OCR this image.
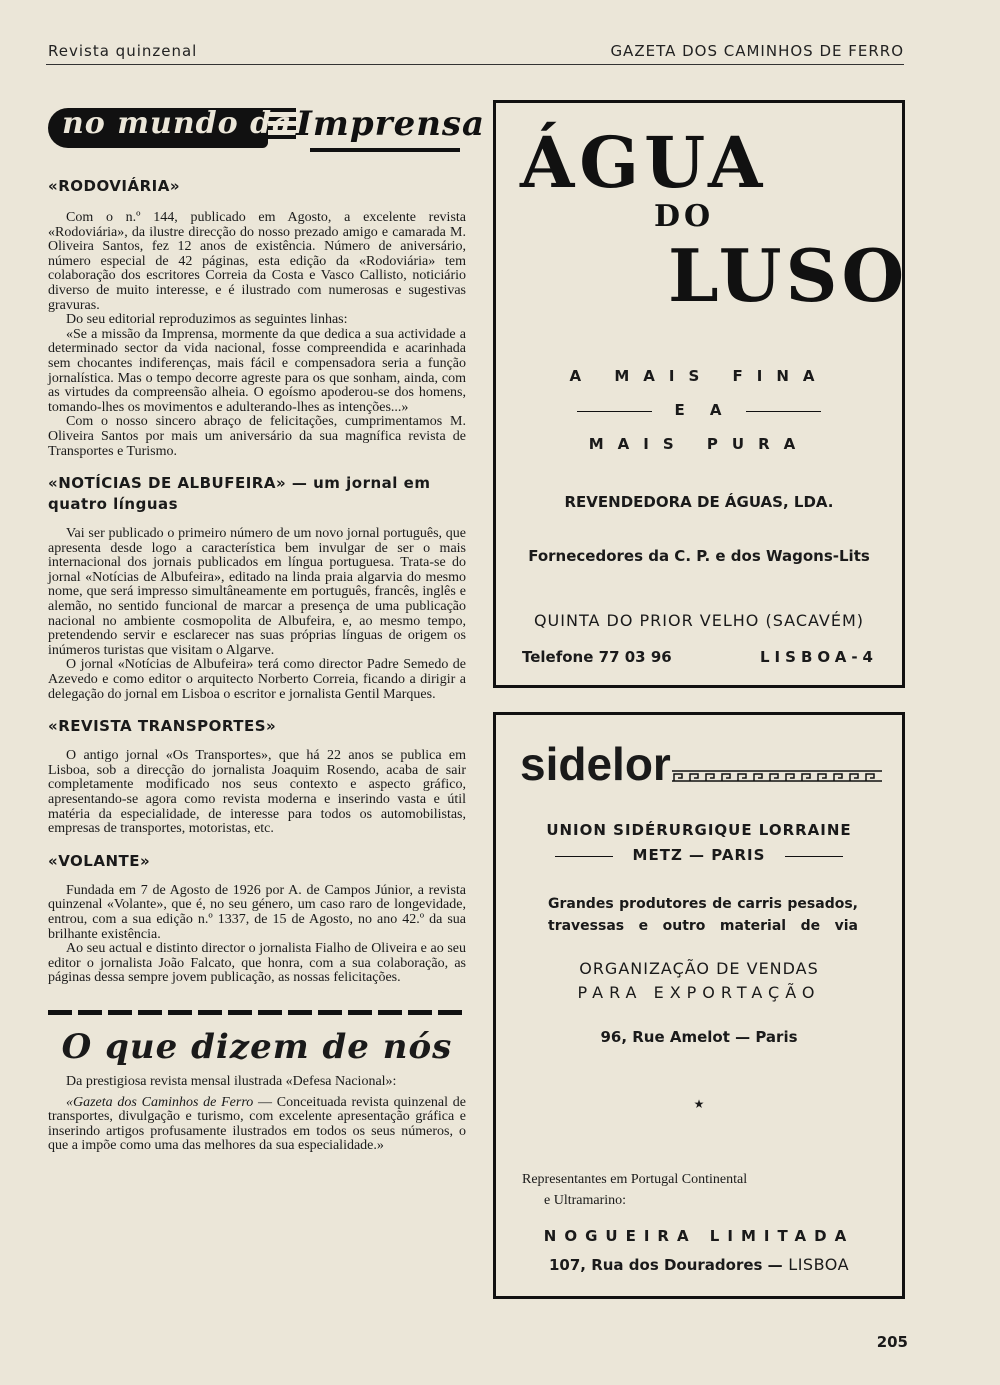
Revista quinzenal	GAZETA DOS CAMINHOS DE FERRO
no mundo da Imprensa
«RODOVIÁRIA»

Com o n.º 144, publicado em Agosto, a excelente revista «Rodoviária», da ilustre direcção do nosso prezado amigo e camarada M. Oliveira Santos, fez 12 anos de existência. Número de aniversário, número especial de 42 páginas, esta edição da «Rodoviária» tem colaboração dos escritores Correia da Costa e Vasco Callisto, noticiário diverso de muito interesse, e é ilustrado com numerosas e sugestivas gravuras.

Do seu editorial reproduzimos as seguintes linhas:

«Se a missão da Imprensa, mormente da que dedica a sua actividade a determinado sector da vida nacional, fosse compreendida e acarinhada sem chocantes indiferenças, mais fácil e compensadora seria a função jornalística. Mas o tempo decorre agreste para os que sonham, ainda, com as virtudes da compreensão alheia. O egoísmo apoderou-se dos homens, tomando-lhes os movimentos e adulterando-lhes as intenções...»

Com o nosso sincero abraço de felicitações, cumprimentamos M. Oliveira Santos por mais um aniversário da sua magnífica revista de Transportes e Turismo.

«NOTÍCIAS DE ALBUFEIRA» — um jornal em quatro línguas

Vai ser publicado o primeiro número de um novo jornal português, que apresenta desde logo a característica bem invulgar de ser o mais internacional dos jornais publicados em língua portuguesa. Trata-se do jornal «Notícias de Albufeira», editado na linda praia algarvia do mesmo nome, que será impresso simultâneamente em português, francês, inglês e alemão, no sentido funcional de marcar a presença de uma publicação nacional no ambiente cosmopolita de Albufeira, e, ao mesmo tempo, pretendendo servir e esclarecer nas suas próprias línguas de origem os inúmeros turistas que visitam o Algarve.

O jornal «Notícias de Albufeira» terá como director Padre Semedo de Azevedo e como editor o arquitecto Norberto Correia, ficando a dirigir a delegação do jornal em Lisboa o escritor e jornalista Gentil Marques.

«REVISTA TRANSPORTES»

O antigo jornal «Os Transportes», que há 22 anos se publica em Lisboa, sob a direcção do jornalista Joaquim Rosendo, acaba de sair completamente modificado nos seus contexto e aspecto gráfico, apresentando-se agora como revista moderna e inserindo vasta e útil matéria da especialidade, de interesse para todos os automobilistas, empresas de transportes, motoristas, etc.

«VOLANTE»

Fundada em 7 de Agosto de 1926 por A. de Campos Júnior, a revista quinzenal «Volante», que é, no seu género, um caso raro de longevidade, entrou, com a sua edição n.º 1337, de 15 de Agosto, no ano 42.º da sua brilhante existência.

Ao seu actual e distinto director o jornalista Fialho de Oliveira e ao seu editor o jornalista João Falcato, que honra, com a sua colaboração, as páginas dessa sempre jovem publicação, as nossas felicitações.

O que dizem de nós

Da prestigiosa revista mensal ilustrada «Defesa Nacional»:

«Gazeta dos Caminhos de Ferro — Conceituada revista quinzenal de transportes, divulgação e turismo, com excelente apresentação gráfica e inserindo artigos profusamente ilustrados em todos os seus números, o que a impõe como uma das melhores da sua especialidade.»

ÁGUA
DO
LUSO
A MAIS FINA
E A
MAIS PURA
REVENDEDORA DE ÁGUAS, LDA.
Fornecedores da C. P. e dos Wagons-Lits
QUINTA DO PRIOR VELHO (SACAVÉM)
Telefone 77 03 96	LISBOA-4
sidelor
UNION SIDÉRURGIQUE LORRAINE
METZ — PARIS
Grandes produtores de carris pesados, travessas e outro material de via
ORGANIZAÇÃO DE VENDAS
PARA EXPORTAÇÃO
96, Rue Amelot — Paris
★
Representantes em Portugal Continental
e Ultramarino:
NOGUEIRA LIMITADA
107, Rua dos Douradores — LISBOA
205
